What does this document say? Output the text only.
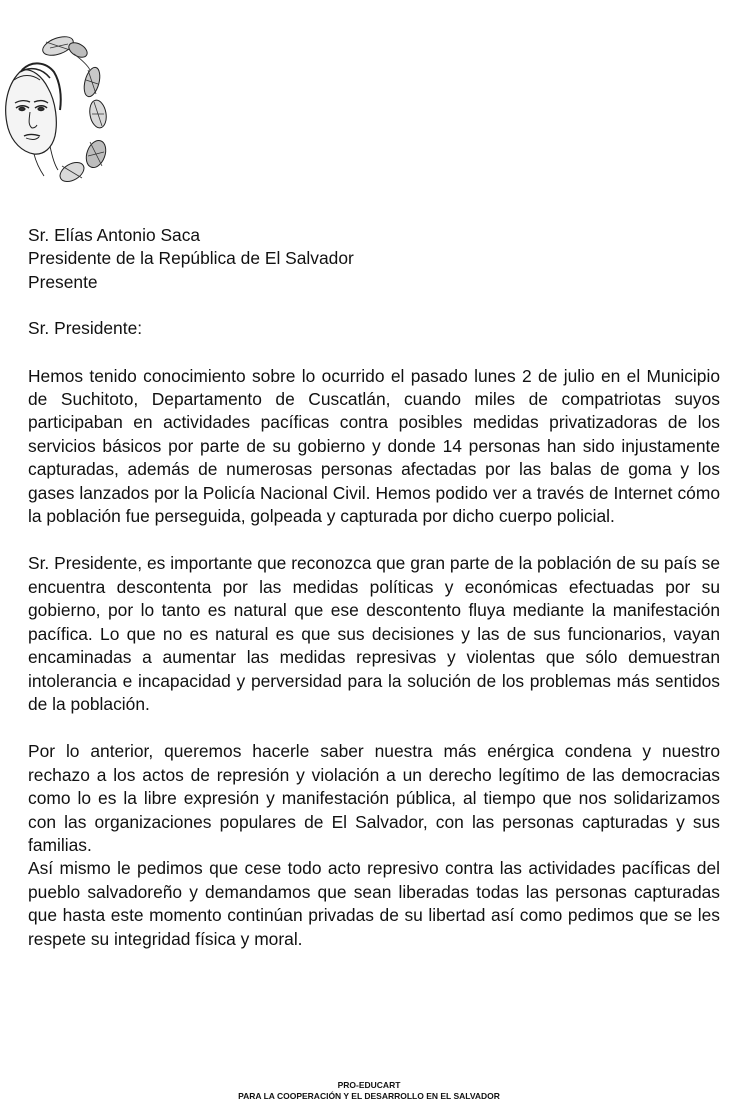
Sr. Elías Antonio Saca
Presidente de la República de El Salvador
Presente
Sr. Presidente:

Hemos tenido conocimiento sobre lo ocurrido el pasado lunes 2 de julio en el Municipio de Suchitoto, Departamento de Cuscatlán, cuando miles de compatriotas suyos participaban en actividades pacíficas contra posibles medidas privatizadoras de los servicios básicos por parte de su gobierno y donde 14 personas han sido injustamente capturadas, además de numerosas personas afectadas por las balas de goma y los gases lanzados por la Policía Nacional Civil. Hemos podido ver a través de Internet cómo la población fue perseguida, golpeada y capturada por dicho cuerpo policial.

Sr. Presidente, es importante que reconozca que gran parte de la población de su país se encuentra descontenta por las medidas políticas y económicas efectuadas por su gobierno, por lo tanto es natural que ese descontento fluya mediante la manifestación pacífica. Lo que no es natural es que sus decisiones y las de sus funcionarios, vayan encaminadas a aumentar las medidas represivas y violentas que sólo demuestran intolerancia e incapacidad y perversidad para la solución de los problemas más sentidos de la población.

Por lo anterior, queremos hacerle saber nuestra más enérgica condena y nuestro rechazo a los actos de represión y violación a un derecho legítimo de las democracias como lo es la libre expresión y manifestación pública, al tiempo que nos solidarizamos con las organizaciones populares de El Salvador, con las personas capturadas y sus familias.

Así mismo le pedimos que cese todo acto represivo contra las actividades pacíficas del pueblo salvadoreño y demandamos que sean liberadas todas las personas capturadas que hasta este momento continúan privadas de su libertad así como pedimos que se les respete su integridad física y moral.

PRO-EDUCART
PARA LA COOPERACIÓN Y EL DESARROLLO EN EL SALVADOR
